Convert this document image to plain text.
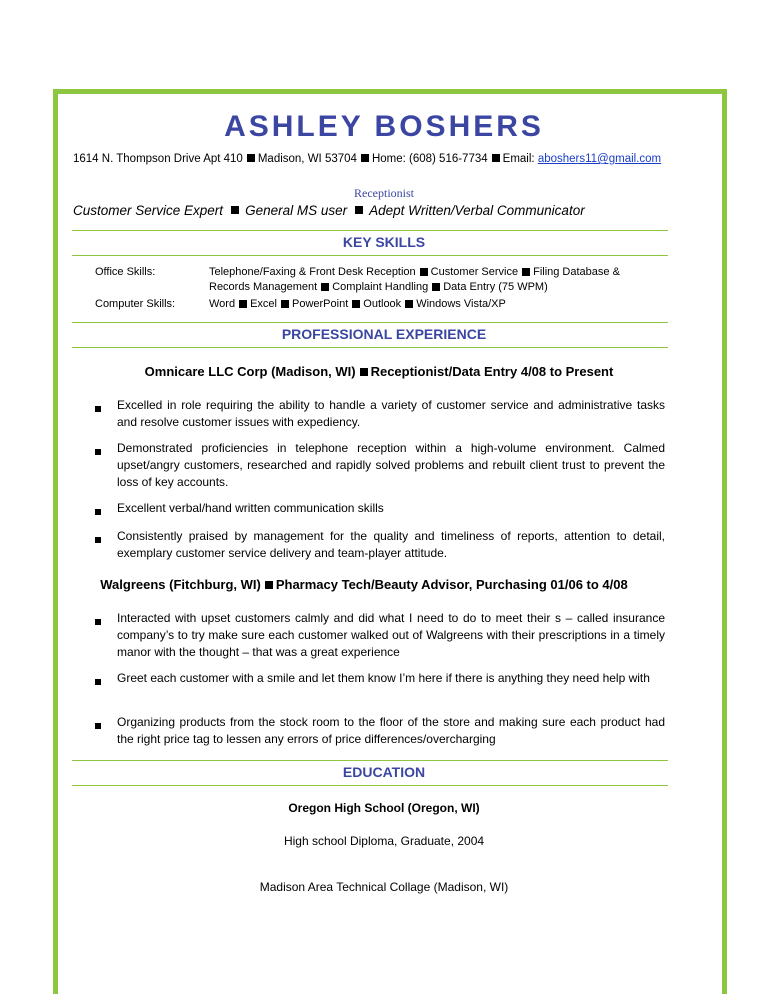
ASHLEY BOSHERS
1614 N. Thompson Drive Apt 410 Madison, WI 53704 Home: (608) 516-7734 Email: aboshers11@gmail.com
Receptionist
Customer Service Expert General MS user Adept Written/Verbal Communicator
KEY SKILLS
Office Skills:	Telephone/Faxing & Front Desk Reception Customer Service Filing Database &
Records Management Complaint Handling Data Entry (75 WPM)
Computer Skills:	Word Excel PowerPoint Outlook Windows Vista/XP
PROFESSIONAL EXPERIENCE
Omnicare LLC Corp (Madison, WI) Receptionist/Data Entry 4/08 to Present
Excelled in role requiring the ability to handle a variety of customer service and administrative tasks and resolve customer issues with expediency.
Demonstrated proficiencies in telephone reception within a high-volume environment. Calmed upset/angry customers, researched and rapidly solved problems and rebuilt client trust to prevent the loss of key accounts.
Excellent verbal/hand written communication skills
Consistently praised by management for the quality and timeliness of reports, attention to detail, exemplary customer service delivery and team-player attitude.
Walgreens (Fitchburg, WI) Pharmacy Tech/Beauty Advisor, Purchasing 01/06 to 4/08
Interacted with upset customers calmly and did what I need to do to meet their s – called insurance company’s to try make sure each customer walked out of Walgreens with their prescriptions in a timely manor with the thought – that was a great experience
Greet each customer with a smile and let them know I’m here if there is anything they need help with
Organizing products from the stock room to the floor of the store and making sure each product had the right price tag to lessen any errors of price differences/overcharging
EDUCATION
Oregon High School (Oregon, WI)
High school Diploma, Graduate, 2004
Madison Area Technical Collage (Madison, WI)
